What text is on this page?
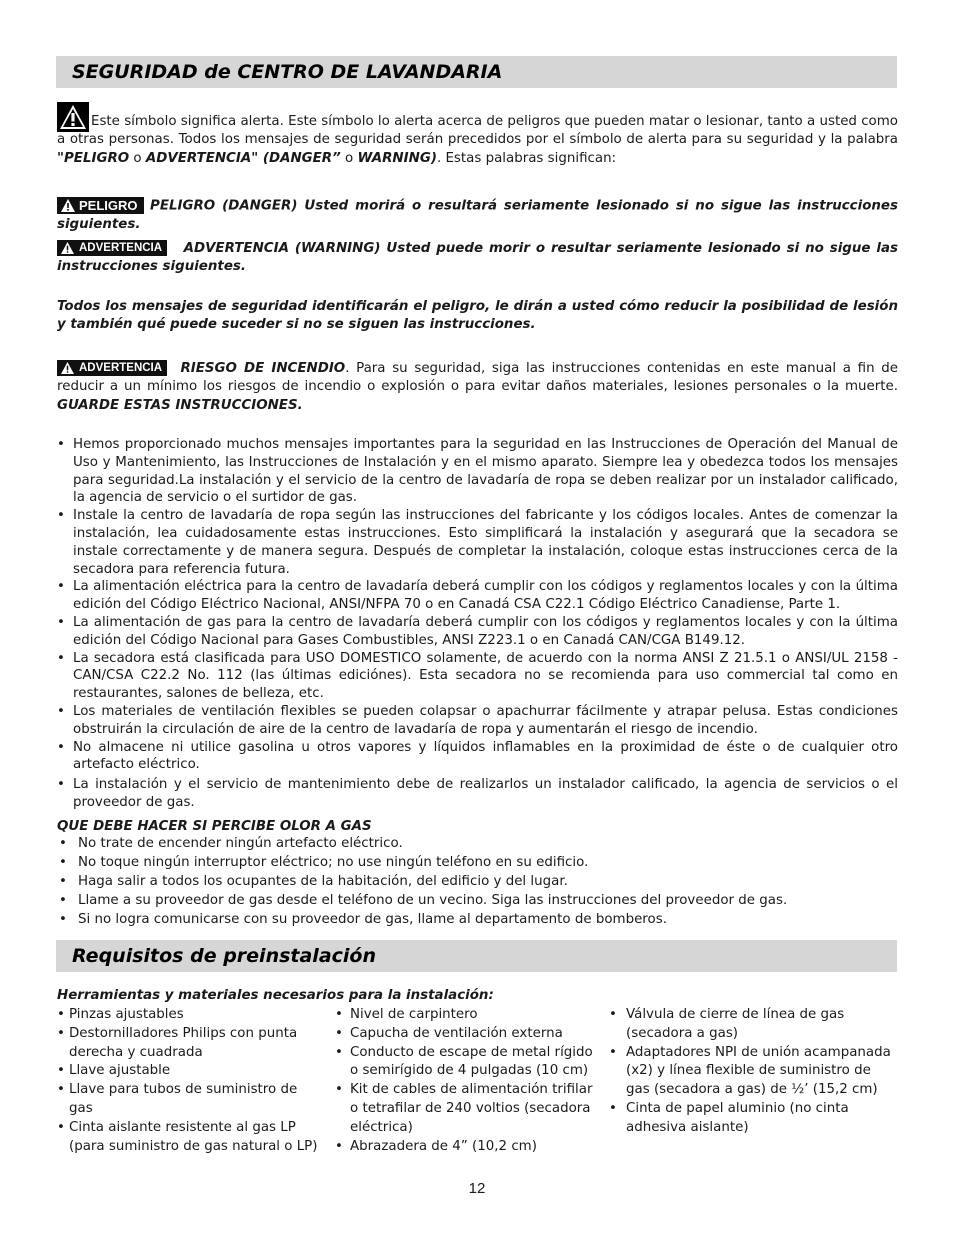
SEGURIDAD de CENTRO DE LAVANDARIA

Este símbolo significa alerta. Este símbolo lo alerta acerca de peligros que pueden matar o lesionar, tanto a usted como a otras personas. Todos los mensajes de seguridad serán precedidos por el símbolo de alerta para su seguridad y la palabra "PELIGRO o ADVERTENCIA" (DANGER” o WARNING). Estas palabras significan:

PELIGRO PELIGRO (DANGER) Usted morirá o resultará seriamente lesionado si no sigue las instrucciones siguientes.

ADVERTENCIA ADVERTENCIA (WARNING) Usted puede morir o resultar seriamente lesionado si no sigue las instrucciones siguientes.

Todos los mensajes de seguridad identificarán el peligro, le dirán a usted cómo reducir la posibilidad de lesión y también qué puede suceder si no se siguen las instrucciones.

ADVERTENCIA RIESGO DE INCENDIO. Para su seguridad, siga las instrucciones contenidas en este manual a fin de reducir a un mínimo los riesgos de incendio o explosión o para evitar daños materiales, lesiones personales o la muerte. GUARDE ESTAS INSTRUCCIONES.

• Hemos proporcionado muchos mensajes importantes para la seguridad en las Instrucciones de Operación del Manual de Uso y Mantenimiento, las Instrucciones de Instalación y en el mismo aparato. Siempre lea y obedezca todos los mensajes para seguridad.La instalación y el servicio de la centro de lavadaría de ropa se deben realizar por un instalador calificado, la agencia de servicio o el surtidor de gas.
• Instale la centro de lavadaría de ropa según las instrucciones del fabricante y los códigos locales. Antes de comenzar la instalación, lea cuidadosamente estas instrucciones. Esto simplificará la instalación y asegurará que la secadora se instale correctamente y de manera segura. Después de completar la instalación, coloque estas instrucciones cerca de la secadora para referencia futura.
• La alimentación eléctrica para la centro de lavadaría deberá cumplir con los códigos y reglamentos locales y con la última edición del Código Eléctrico Nacional, ANSI/NFPA 70 o en Canadá CSA C22.1 Código Eléctrico Canadiense, Parte 1.
• La alimentación de gas para la centro de lavadaría deberá cumplir con los códigos y reglamentos locales y con la última edición del Código Nacional para Gases Combustibles, ANSI Z223.1 o en Canadá CAN/CGA B149.12.
• La secadora está clasificada para USO DOMESTICO solamente, de acuerdo con la norma ANSI Z 21.5.1 o ANSI/UL 2158 - CAN/CSA C22.2 No. 112 (las últimas ediciónes). Esta secadora no se recomienda para uso commercial tal como en restaurantes, salones de belleza, etc.
• Los materiales de ventilación flexibles se pueden colapsar o apachurrar fácilmente y atrapar pelusa. Estas condiciones obstruirán la circulación de aire de la centro de lavadaría de ropa y aumentarán el riesgo de incendio.
• No almacene ni utilice gasolina u otros vapores y líquidos inflamables en la proximidad de éste o de cualquier otro artefacto eléctrico.
• La instalación y el servicio de mantenimiento debe de realizarlos un instalador calificado, la agencia de servicios o el proveedor de gas.
QUE DEBE HACER SI PERCIBE OLOR A GAS
• No trate de encender ningún artefacto eléctrico.
• No toque ningún interruptor eléctrico; no use ningún teléfono en su edificio.
• Haga salir a todos los ocupantes de la habitación, del edificio y del lugar.
• Llame a su proveedor de gas desde el teléfono de un vecino. Siga las instrucciones del proveedor de gas.
• Si no logra comunicarse con su proveedor de gas, llame al departamento de bomberos.
Requisitos de preinstalación
Herramientas y materiales necesarios para la instalación:
• Pinzas ajustables
• Destornilladores Philips con punta derecha y cuadrada
• Llave ajustable
• Llave para tubos de suministro de gas
• Cinta aislante resistente al gas LP (para suministro de gas natural o LP)
• Nivel de carpintero
• Capucha de ventilación externa
• Conducto de escape de metal rígido o semirígido de 4 pulgadas (10 cm)
• Kit de cables de alimentación trifilar o tetrafilar de 240 voltios (secadora eléctrica)
• Abrazadera de 4” (10,2 cm)
• Válvula de cierre de línea de gas (secadora a gas)
• Adaptadores NPI de unión acampanada (x2) y línea flexible de suministro de gas (secadora a gas) de ½’ (15,2 cm)
• Cinta de papel aluminio (no cinta adhesiva aislante)
12
